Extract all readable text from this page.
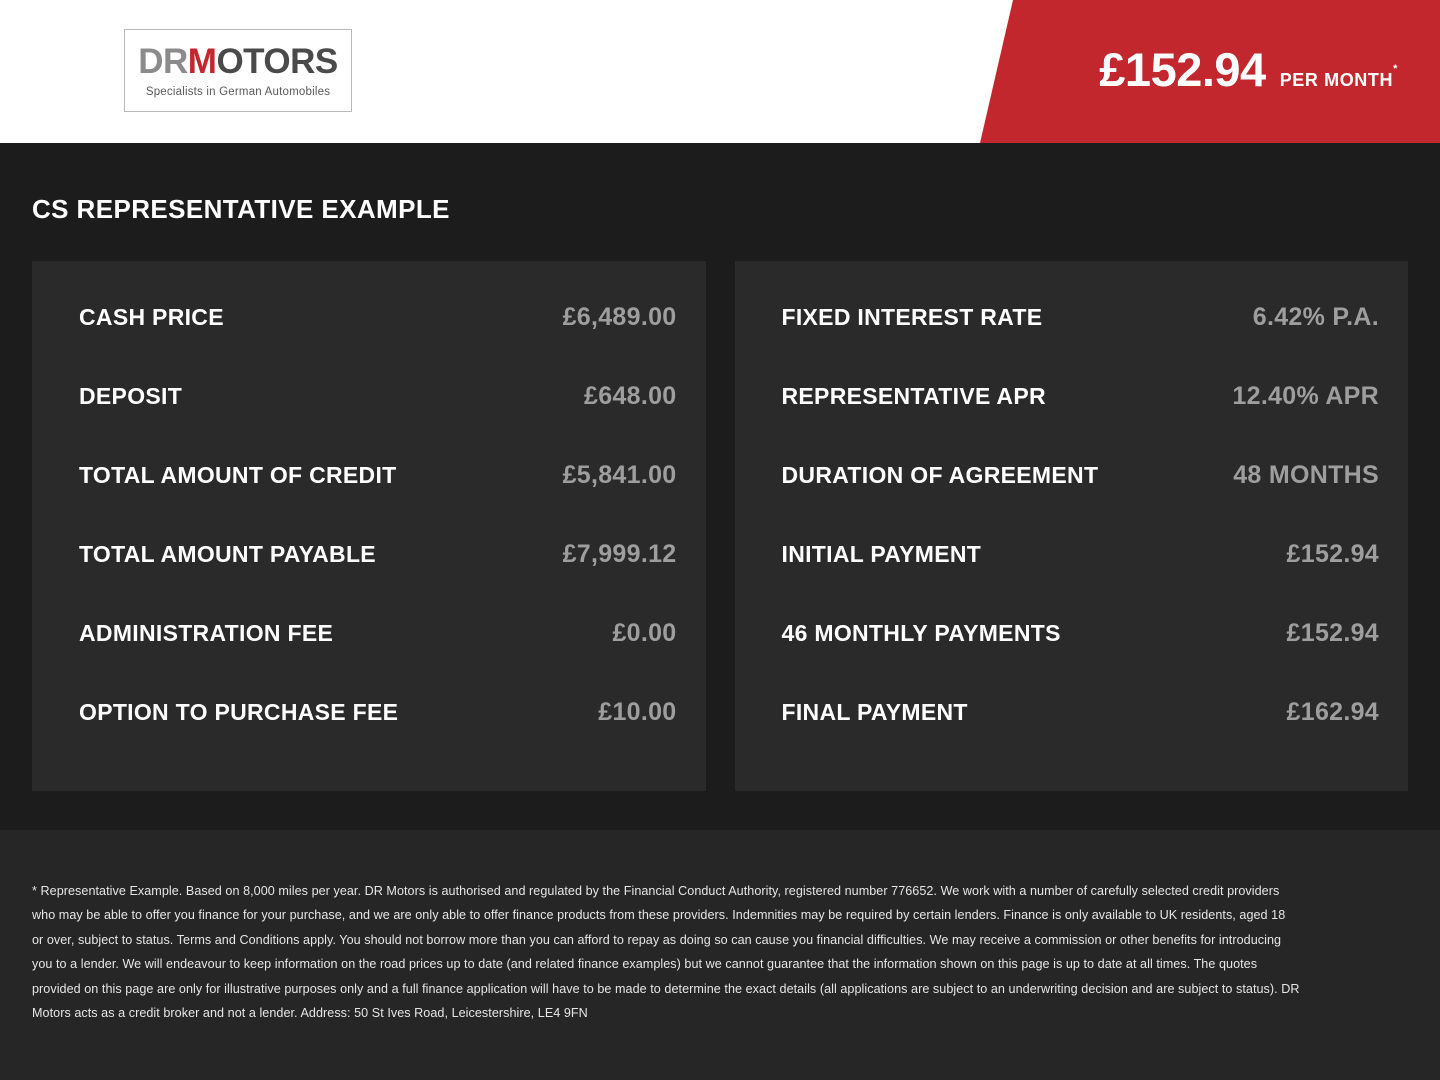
DRMOTORS
Specialists in German Automobiles	£152.94 PER MONTH*
CS REPRESENTATIVE EXAMPLE
CASH PRICE	£6,489.00
DEPOSIT	£648.00
TOTAL AMOUNT OF CREDIT	£5,841.00
TOTAL AMOUNT PAYABLE	£7,999.12
ADMINISTRATION FEE	£0.00
OPTION TO PURCHASE FEE	£10.00
FIXED INTEREST RATE	6.42% P.A.
REPRESENTATIVE APR	12.40% APR
DURATION OF AGREEMENT	48 MONTHS
INITIAL PAYMENT	£152.94
46 MONTHLY PAYMENTS	£152.94
FINAL PAYMENT	£162.94

* Representative Example. Based on 8,000 miles per year. DR Motors is authorised and regulated by the Financial Conduct Authority, registered number 776652. We work with a number of carefully selected credit providers who may be able to offer you finance for your purchase, and we are only able to offer finance products from these providers. Indemnities may be required by certain lenders. Finance is only available to UK residents, aged 18 or over, subject to status. Terms and Conditions apply. You should not borrow more than you can afford to repay as doing so can cause you financial difficulties. We may receive a commission or other benefits for introducing you to a lender. We will endeavour to keep information on the road prices up to date (and related finance examples) but we cannot guarantee that the information shown on this page is up to date at all times. The quotes provided on this page are only for illustrative purposes only and a full finance application will have to be made to determine the exact details (all applications are subject to an underwriting decision and are subject to status). DR Motors acts as a credit broker and not a lender. Address: 50 St Ives Road, Leicestershire, LE4 9FN
